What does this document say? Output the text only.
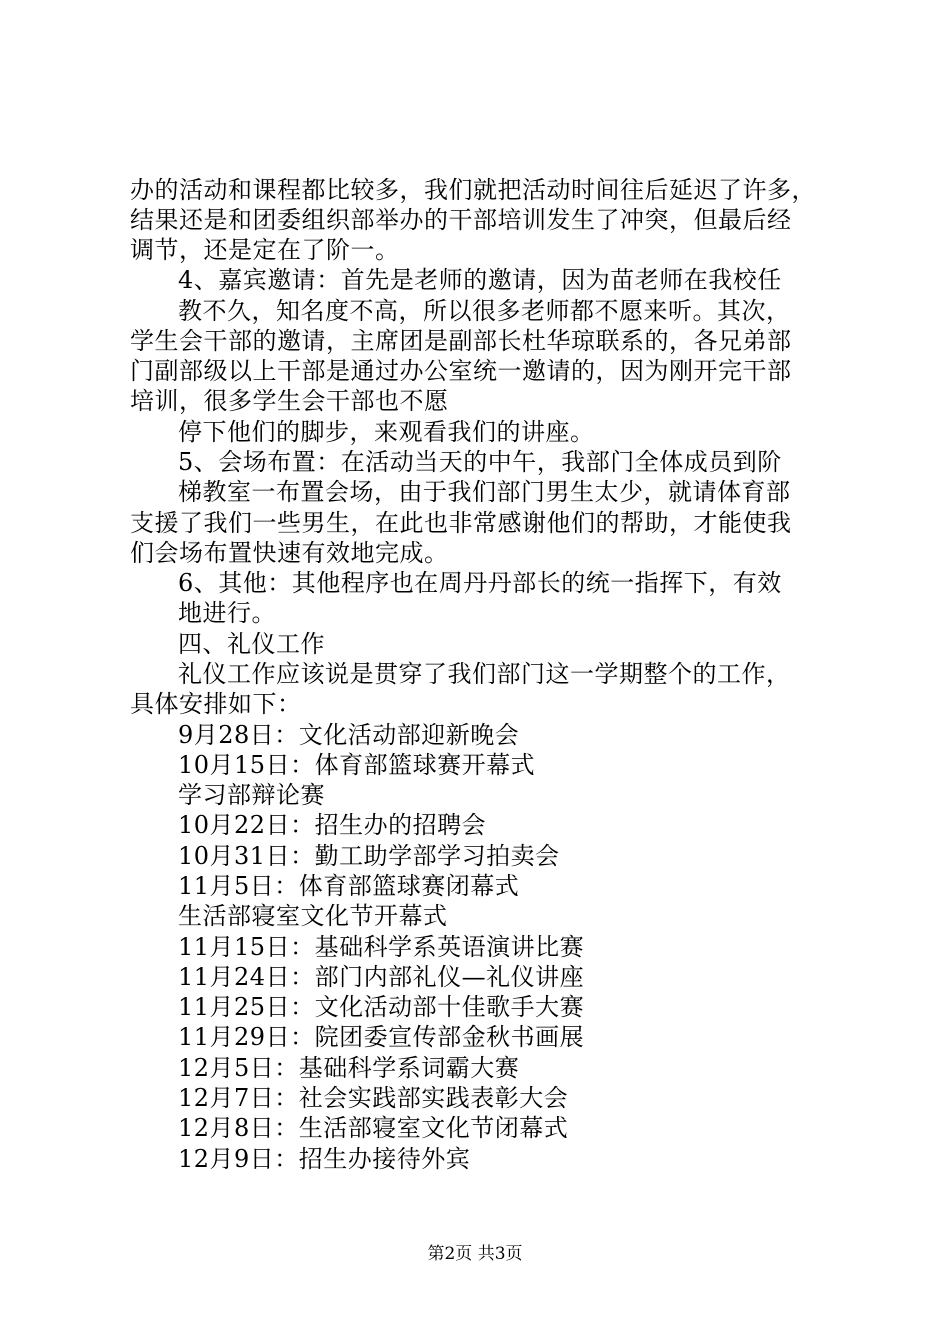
办的活动和课程都比较多，我们就把活动时间往后延迟了许多，
结果还是和团委组织部举办的干部培训发生了冲突，但最后经
调节，还是定在了阶一。
4、嘉宾邀请：首先是老师的邀请，因为苗老师在我校任
教不久，知名度不高，所以很多老师都不愿来听。其次，
学生会干部的邀请，主席团是副部长杜华琼联系的，各兄弟部
门副部级以上干部是通过办公室统一邀请的，因为刚开完干部
培训，很多学生会干部也不愿
停下他们的脚步，来观看我们的讲座。
5、会场布置：在活动当天的中午，我部门全体成员到阶
梯教室一布置会场，由于我们部门男生太少，就请体育部
支援了我们一些男生，在此也非常感谢他们的帮助，才能使我
们会场布置快速有效地完成。
6、其他：其他程序也在周丹丹部长的统一指挥下，有效
地进行。
四、礼仪工作
礼仪工作应该说是贯穿了我们部门这一学期整个的工作，
具体安排如下：
9月28日：文化活动部迎新晚会
10月15日：体育部篮球赛开幕式
学习部辩论赛
10月22日：招生办的招聘会
10月31日：勤工助学部学习拍卖会
11月5日：体育部篮球赛闭幕式
生活部寝室文化节开幕式
11月15日：基础科学系英语演讲比赛
11月24日：部门内部礼仪—礼仪讲座
11月25日：文化活动部十佳歌手大赛
11月29日：院团委宣传部金秋书画展
12月5日：基础科学系词霸大赛
12月7日：社会实践部实践表彰大会
12月8日：生活部寝室文化节闭幕式
12月9日：招生办接待外宾
第2页 共3页
